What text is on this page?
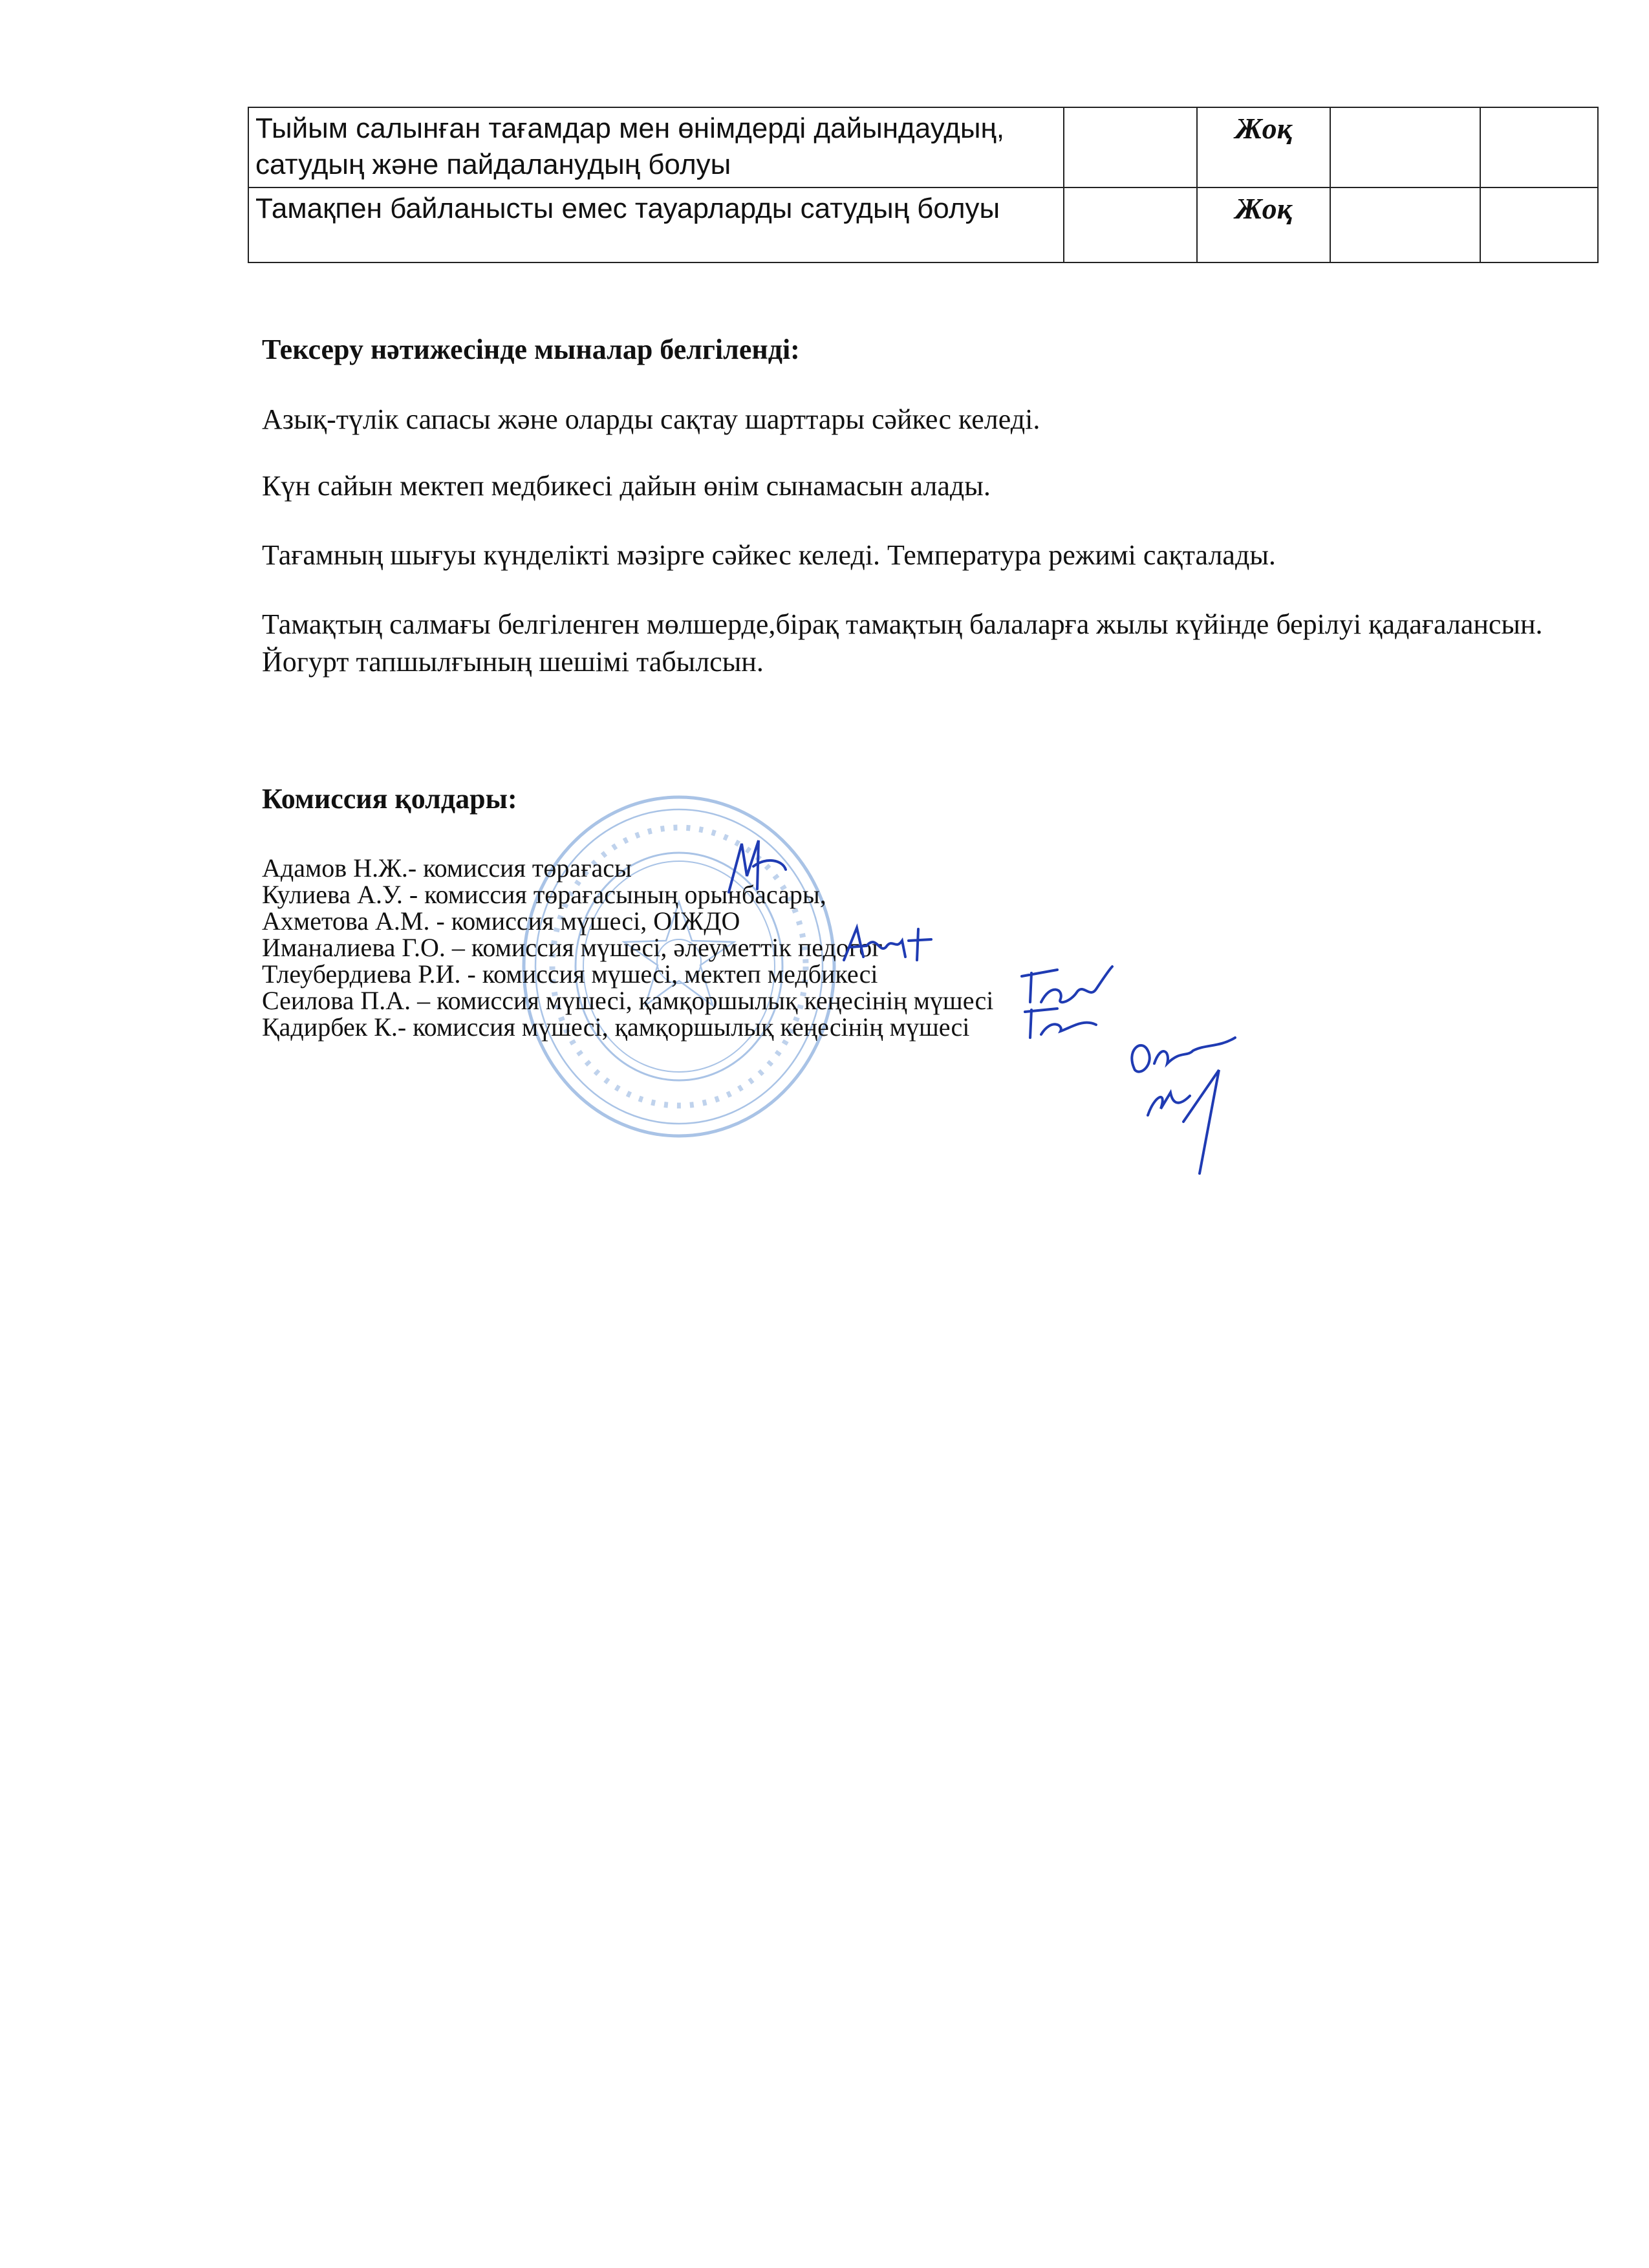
Тыйым салынған тағамдар мен өнімдерді дайындаудың, сатудың және пайдаланудың болуы		Жоқ		
Тамақпен байланысты емес тауарларды сатудың болуы		Жоқ		

Тексеру нәтижесінде мыналар белгіленді:

Азық-түлік сапасы және оларды сақтау шарттары сәйкес келеді.

Күн сайын мектеп медбикесі дайын өнім сынамасын алады.

Тағамның шығуы күнделікті мәзірге сәйкес келеді. Температура режимі сақталады.

Тамақтың салмағы белгіленген мөлшерде,бірақ тамақтың балаларға жылы күйінде берілуі қадағалансын. Йогурт тапшылғының шешімі табылсын.

Комиссия қолдары:

Адамов Н.Ж.- комиссия төрағасы
Кулиева А.У. - комиссия төрағасының орынбасары,
Ахметова А.М. - комиссия мүшесі, ОІЖДО
Иманалиева Г.О. – комиссия мүшесі, әлеуметтік педогог
Тлеубердиева Р.И. - комиссия мүшесі, мектеп медбикесі
Сеилова П.А. – комиссия мүшесі, қамқоршылық кеңесінің мүшесі
Қадирбек К.- комиссия мүшесі, қамқоршылық кеңесінің мүшесі
